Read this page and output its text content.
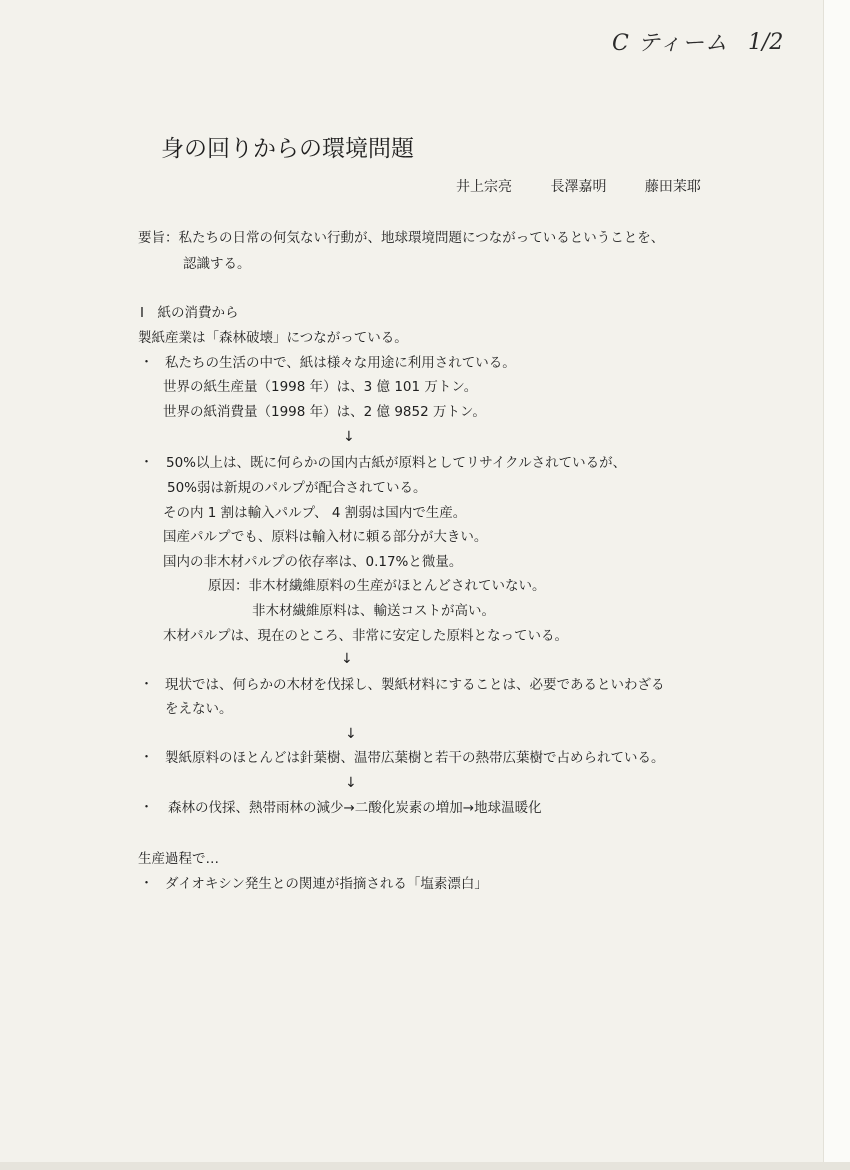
C ティーム 1/2
身の回りからの環境問題
井上宗亮	長澤嘉明	藤田茉耶
要旨：私たちの日常の何気ない行動が、地球環境問題につながっているということを、
認識する。
Ⅰ　紙の消費から
製紙産業は「森林破壊」につながっている。
・ 私たちの生活の中で、紙は様々な用途に利用されている。
世界の紙生産量（1998 年）は、3 億 101 万トン。
世界の紙消費量（1998 年）は、2 億 9852 万トン。
↓
・ 50%以上は、既に何らかの国内古紙が原料としてリサイクルされているが、
50%弱は新規のパルプが配合されている。
その内 1 割は輸入パルプ、 4 割弱は国内で生産。
国産パルプでも、原料は輸入材に頼る部分が大きい。
国内の非木材パルプの依存率は、0.17%と微量。
原因：非木材繊維原料の生産がほとんどされていない。
非木材繊維原料は、輸送コストが高い。
木材パルプは、現在のところ、非常に安定した原料となっている。
↓
・ 現状では、何らかの木材を伐採し、製紙材料にすることは、必要であるといわざる
をえない。
↓
・ 製紙原料のほとんどは針葉樹、温帯広葉樹と若干の熱帯広葉樹で占められている。
↓
・ 森林の伐採、熱帯雨林の減少→二酸化炭素の増加→地球温暖化
生産過程で…
・ ダイオキシン発生との関連が指摘される「塩素漂白」
